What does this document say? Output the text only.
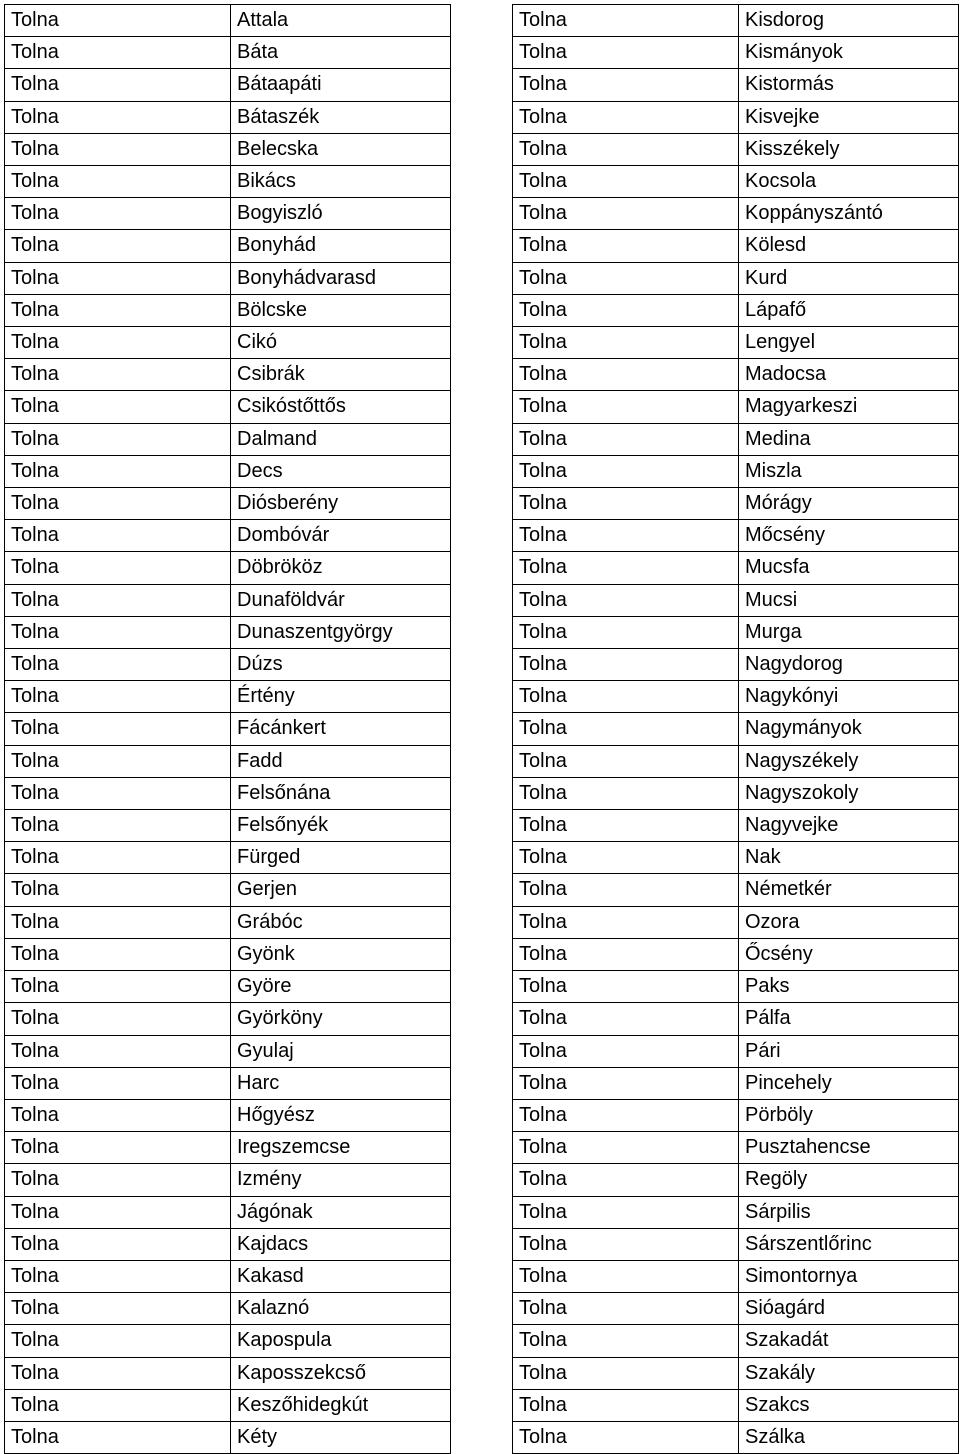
Tolna	Attala
Tolna	Báta
Tolna	Bátaapáti
Tolna	Bátaszék
Tolna	Belecska
Tolna	Bikács
Tolna	Bogyiszló
Tolna	Bonyhád
Tolna	Bonyhádvarasd
Tolna	Bölcske
Tolna	Cikó
Tolna	Csibrák
Tolna	Csikóstőttős
Tolna	Dalmand
Tolna	Decs
Tolna	Diósberény
Tolna	Dombóvár
Tolna	Döbrököz
Tolna	Dunaföldvár
Tolna	Dunaszentgyörgy
Tolna	Dúzs
Tolna	Értény
Tolna	Fácánkert
Tolna	Fadd
Tolna	Felsőnána
Tolna	Felsőnyék
Tolna	Fürged
Tolna	Gerjen
Tolna	Grábóc
Tolna	Gyönk
Tolna	Györe
Tolna	Györköny
Tolna	Gyulaj
Tolna	Harc
Tolna	Hőgyész
Tolna	Iregszemcse
Tolna	Izmény
Tolna	Jágónak
Tolna	Kajdacs
Tolna	Kakasd
Tolna	Kalaznó
Tolna	Kapospula
Tolna	Kaposszekcső
Tolna	Keszőhidegkút
Tolna	Kéty
Tolna	Kisdorog
Tolna	Kismányok
Tolna	Kistormás
Tolna	Kisvejke
Tolna	Kisszékely
Tolna	Kocsola
Tolna	Koppányszántó
Tolna	Kölesd
Tolna	Kurd
Tolna	Lápafő
Tolna	Lengyel
Tolna	Madocsa
Tolna	Magyarkeszi
Tolna	Medina
Tolna	Miszla
Tolna	Mórágy
Tolna	Mőcsény
Tolna	Mucsfa
Tolna	Mucsi
Tolna	Murga
Tolna	Nagydorog
Tolna	Nagykónyi
Tolna	Nagymányok
Tolna	Nagyszékely
Tolna	Nagyszokoly
Tolna	Nagyvejke
Tolna	Nak
Tolna	Németkér
Tolna	Ozora
Tolna	Őcsény
Tolna	Paks
Tolna	Pálfa
Tolna	Pári
Tolna	Pincehely
Tolna	Pörböly
Tolna	Pusztahencse
Tolna	Regöly
Tolna	Sárpilis
Tolna	Sárszentlőrinc
Tolna	Simontornya
Tolna	Sióagárd
Tolna	Szakadát
Tolna	Szakály
Tolna	Szakcs
Tolna	Szálka
